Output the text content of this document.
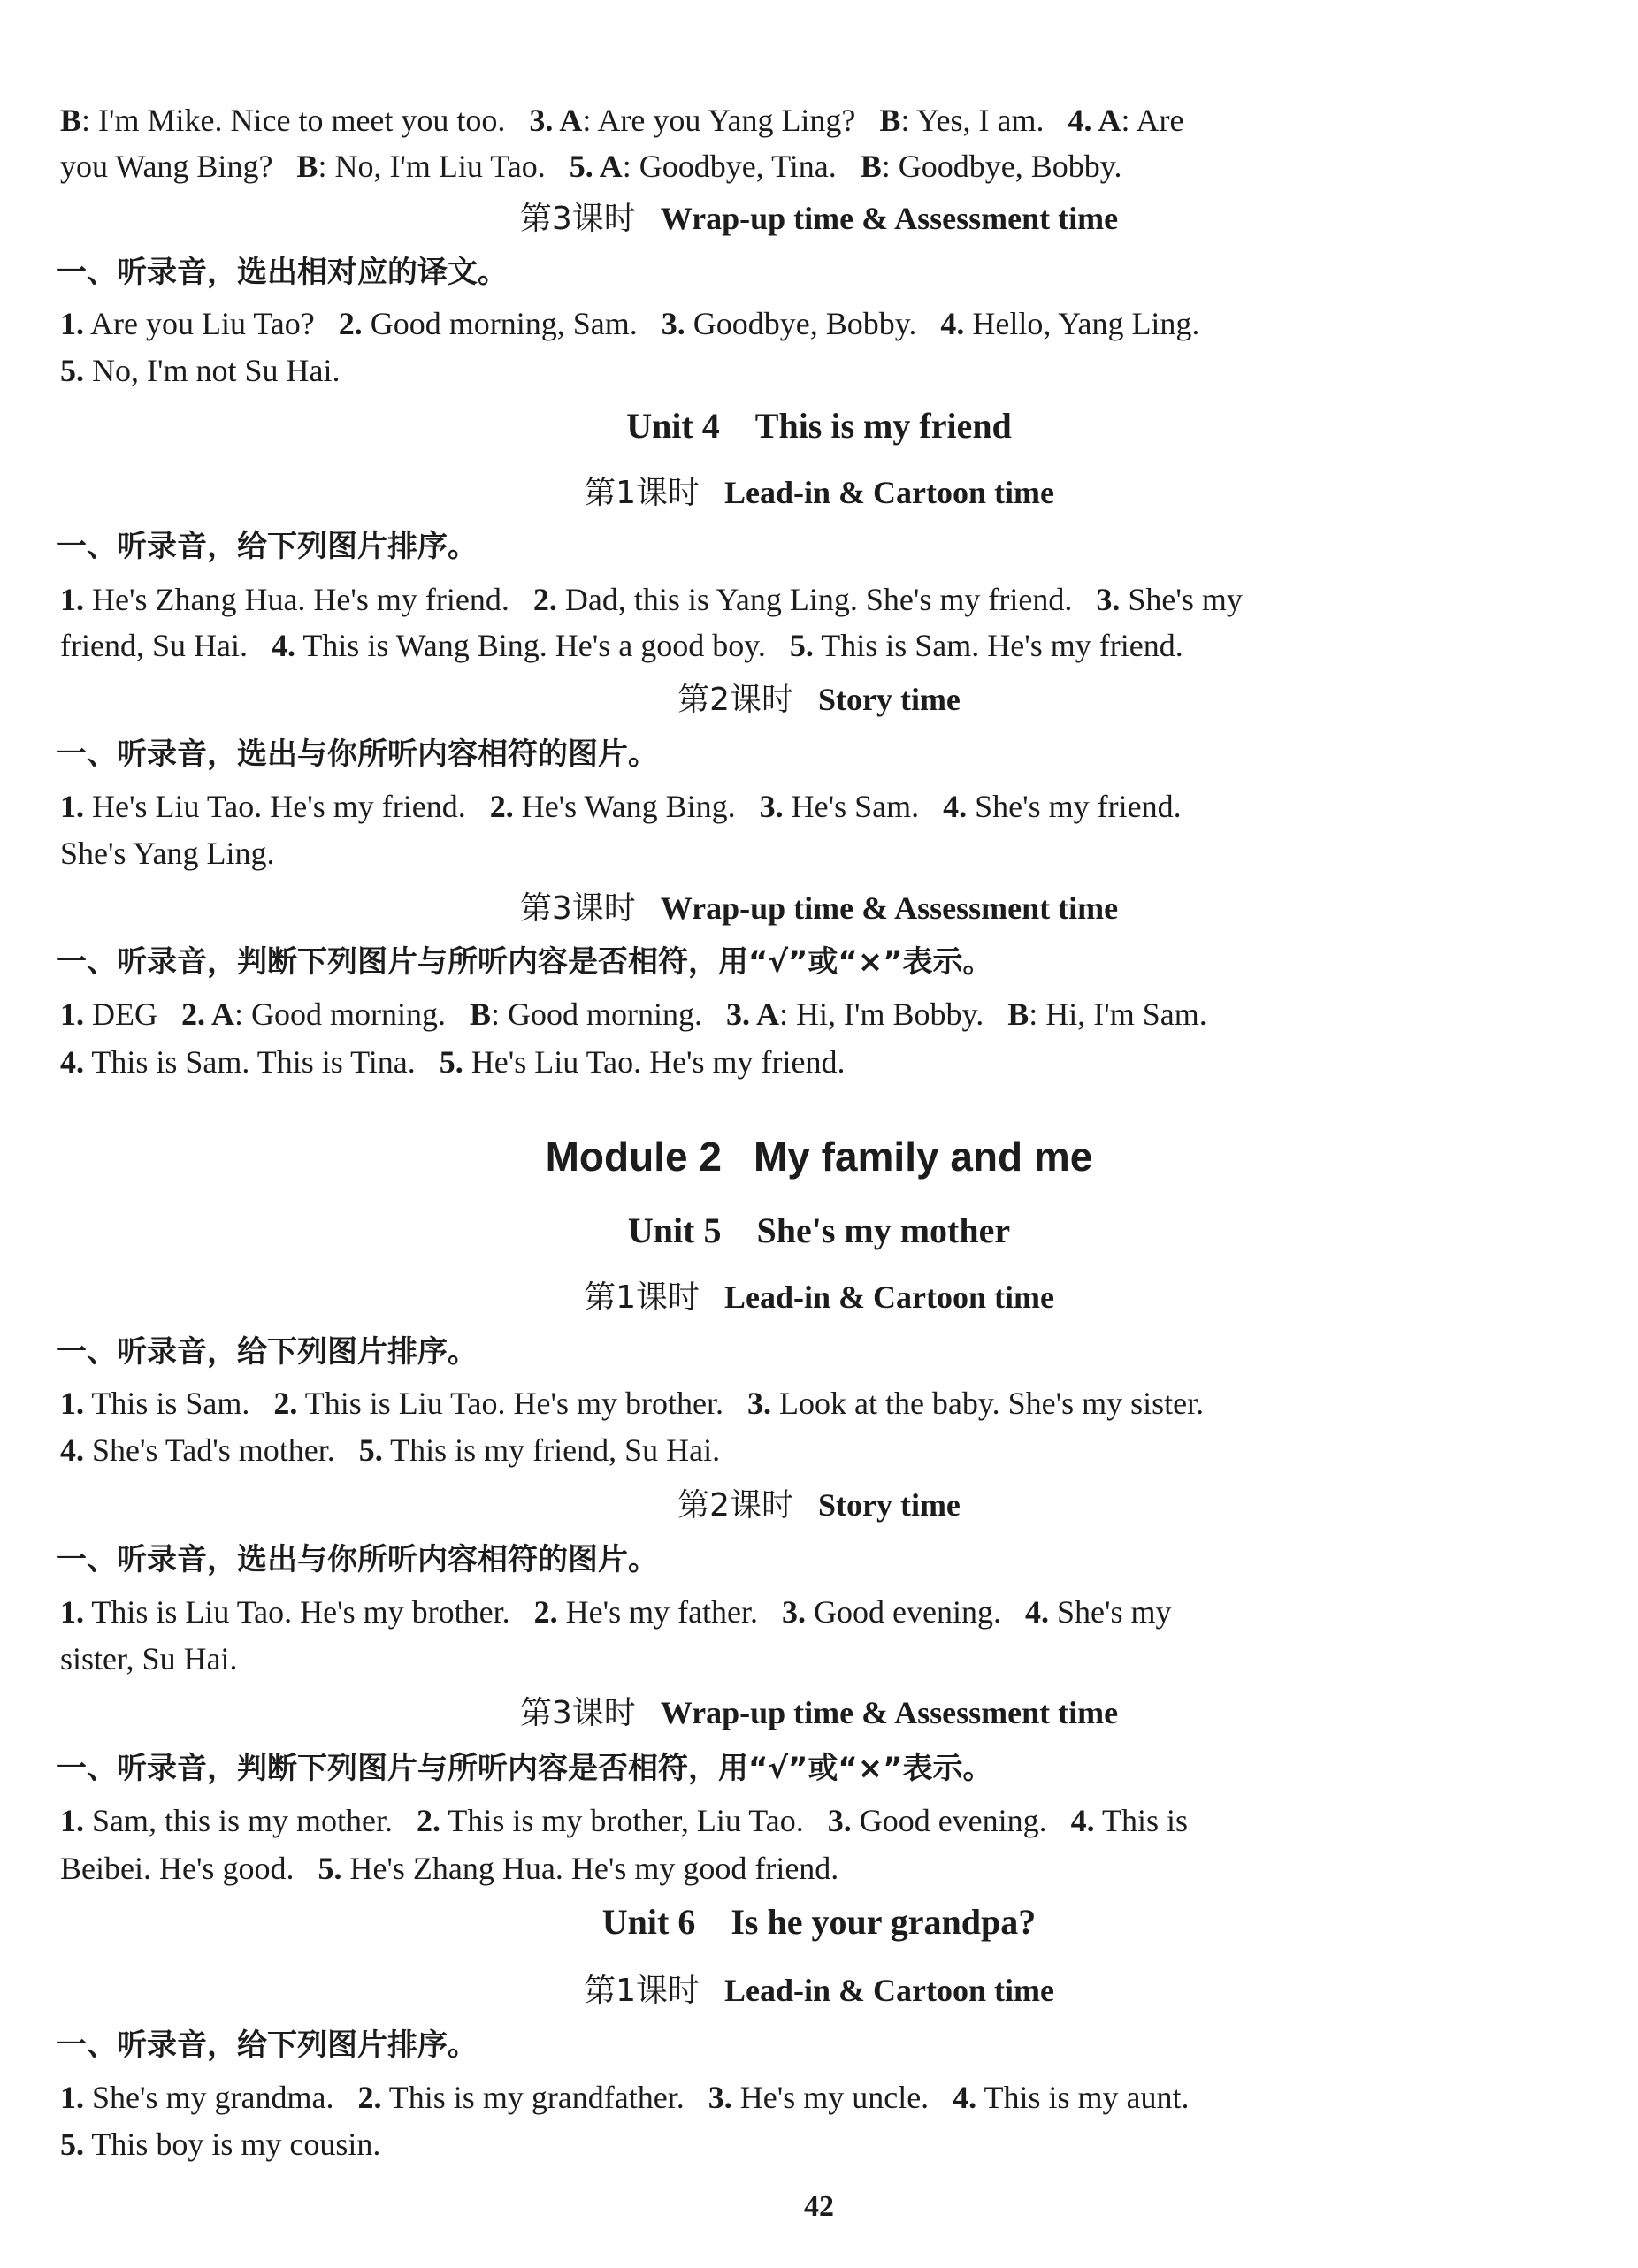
B: I'm Mike. Nice to meet you too.   3. A: Are you Yang Ling?   B: Yes, I am.   4. A: Are
you Wang Bing?   B: No, I'm Liu Tao.   5. A: Goodbye, Tina.   B: Goodbye, Bobby.
第3课时 Wrap-up time & Assessment time
一、听录音，选出相对应的译文。
1. Are you Liu Tao?   2. Good morning, Sam.   3. Goodbye, Bobby.   4. Hello, Yang Ling.
5. No, I'm not Su Hai.
Unit 4 This is my friend
第1课时 Lead-in & Cartoon time
一、听录音，给下列图片排序。
1. He's Zhang Hua. He's my friend.   2. Dad, this is Yang Ling. She's my friend.   3. She's my
friend, Su Hai.   4. This is Wang Bing. He's a good boy.   5. This is Sam. He's my friend.
第2课时 Story time
一、听录音，选出与你所听内容相符的图片。
1. He's Liu Tao. He's my friend.   2. He's Wang Bing.   3. He's Sam.   4. She's my friend.
She's Yang Ling.
第3课时 Wrap-up time & Assessment time
一、听录音，判断下列图片与所听内容是否相符，用“√”或“×”表示。
1. DEG   2. A: Good morning.   B: Good morning.   3. A: Hi, I'm Bobby.   B: Hi, I'm Sam.
4. This is Sam. This is Tina.   5. He's Liu Tao. He's my friend.
Module 2 My family and me
Unit 5 She's my mother
第1课时 Lead-in & Cartoon time
一、听录音，给下列图片排序。
1. This is Sam.   2. This is Liu Tao. He's my brother.   3. Look at the baby. She's my sister.
4. She's Tad's mother.   5. This is my friend, Su Hai.
第2课时 Story time
一、听录音，选出与你所听内容相符的图片。
1. This is Liu Tao. He's my brother.   2. He's my father.   3. Good evening.   4. She's my
sister, Su Hai.
第3课时 Wrap-up time & Assessment time
一、听录音，判断下列图片与所听内容是否相符，用“√”或“×”表示。
1. Sam, this is my mother.   2. This is my brother, Liu Tao.   3. Good evening.   4. This is
Beibei. He's good.   5. He's Zhang Hua. He's my good friend.
Unit 6 Is he your grandpa?
第1课时 Lead-in & Cartoon time
一、听录音，给下列图片排序。
1. She's my grandma.   2. This is my grandfather.   3. He's my uncle.   4. This is my aunt.
5. This boy is my cousin.
42
